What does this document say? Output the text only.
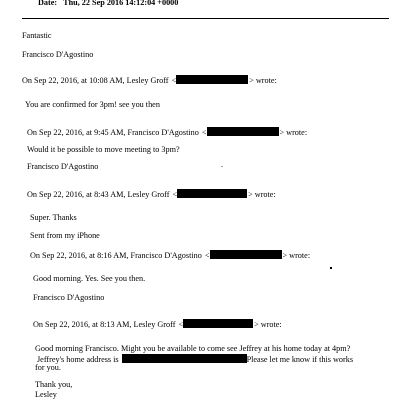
Date: Thu, 22 Sep 2016 14:12:04 +0000
Fantastic
Francisco D'Agostino
On Sep 22, 2016, at 10:08 AM, Lesley Groff <	> wrote:
You are confirmed for 3pm! see you then
On Sep 22, 2016, at 9:45 AM, Francisco D'Agostino <	> wrote:
Would it be possible to move meeting to 3pm?
Francisco D'Agostino	.
On Sep 22, 2016, at 8:43 AM, Lesley Groff <	> wrote:
Super. Thanks
Sent from my iPhone
On Sep 22, 2016, at 8:16 AM, Francisco D'Agostino <	> wrote:
Good morning. Yes. See you then.
Francisco D'Agostino
On Sep 22, 2016, at 8:13 AM, Lesley Groff <	> wrote:
Good morning Francisco. Might you be available to come see Jeffrey at his home today at 4pm?
Jeffrey's home address is	Please let me know if this works
for you.
Thank you,
Lesley
